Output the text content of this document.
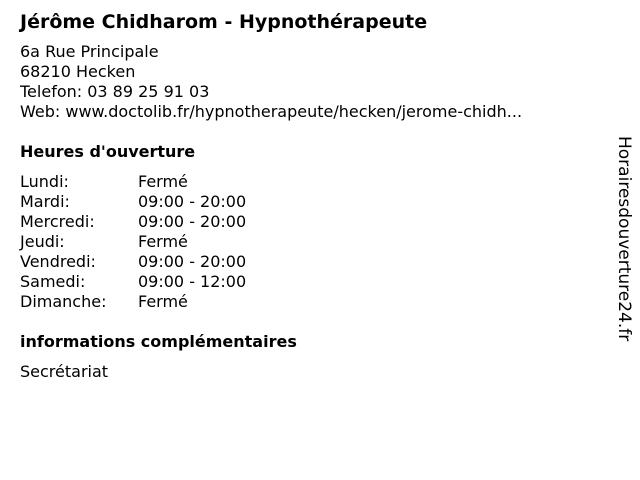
Jérôme Chidharom - Hypnothérapeute
6a Rue Principale
68210 Hecken
Telefon: 03 89 25 91 03
Web: www.doctolib.fr/hypnotherapeute/hecken/jerome-chidh...
Heures d'ouverture
Lundi:	Fermé
Mardi:	09:00 - 20:00
Mercredi:	09:00 - 20:00
Jeudi:	Fermé
Vendredi:	09:00 - 20:00
Samedi:	09:00 - 12:00
Dimanche:	Fermé
informations complémentaires
Secrétariat
Horairesdouverture24.fr
